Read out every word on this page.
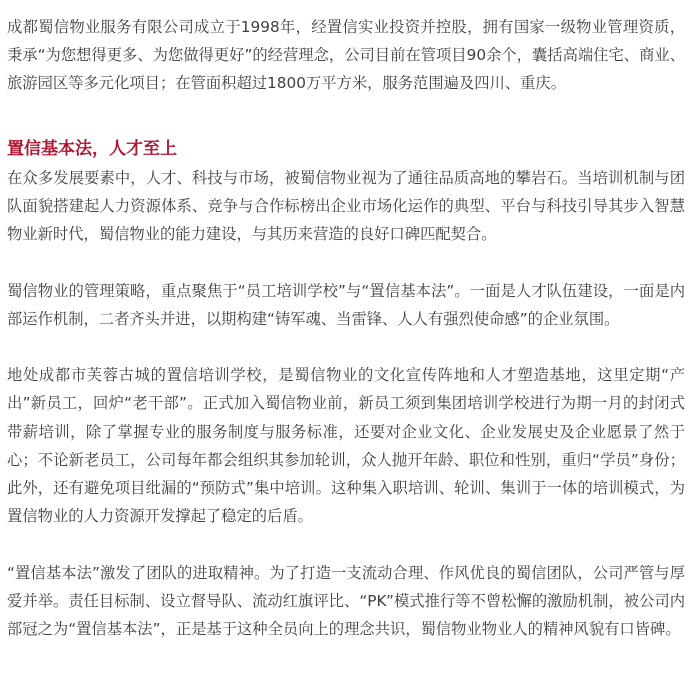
成都蜀信物业服务有限公司成立于1998年，经置信实业投资并控股，拥有国家一级物业管理资质，秉承“为您想得更多、为您做得更好”的经营理念，公司目前在管项目90余个，囊括高端住宅、商业、旅游园区等多元化项目；在管面积超过1800万平方米，服务范围遍及四川、重庆。

置信基本法，人才至上

在众多发展要素中，人才、科技与市场，被蜀信物业视为了通往品质高地的攀岩石。当培训机制与团队面貌搭建起人力资源体系、竞争与合作标榜出企业市场化运作的典型、平台与科技引导其步入智慧物业新时代，蜀信物业的能力建设，与其历来营造的良好口碑匹配契合。

蜀信物业的管理策略，重点聚焦于“员工培训学校”与“置信基本法”。一面是人才队伍建设，一面是内部运作机制，二者齐头并进，以期构建“铸军魂、当雷锋、人人有强烈使命感”的企业氛围。

地处成都市芙蓉古城的置信培训学校，是蜀信物业的文化宣传阵地和人才塑造基地，这里定期“产出”新员工，回炉“老干部”。正式加入蜀信物业前，新员工须到集团培训学校进行为期一月的封闭式带薪培训，除了掌握专业的服务制度与服务标准，还要对企业文化、企业发展史及企业愿景了然于心；不论新老员工，公司每年都会组织其参加轮训，众人抛开年龄、职位和性别，重归“学员”身份；此外，还有避免项目纰漏的“预防式”集中培训。这种集入职培训、轮训、集训于一体的培训模式，为置信物业的人力资源开发撑起了稳定的后盾。

“置信基本法”激发了团队的进取精神。为了打造一支流动合理、作风优良的蜀信团队，公司严管与厚爱并举。责任目标制、设立督导队、流动红旗评比、“PK”模式推行等不曾松懈的激励机制，被公司内部冠之为“置信基本法”，正是基于这种全员向上的理念共识，蜀信物业物业人的精神风貌有口皆碑。
